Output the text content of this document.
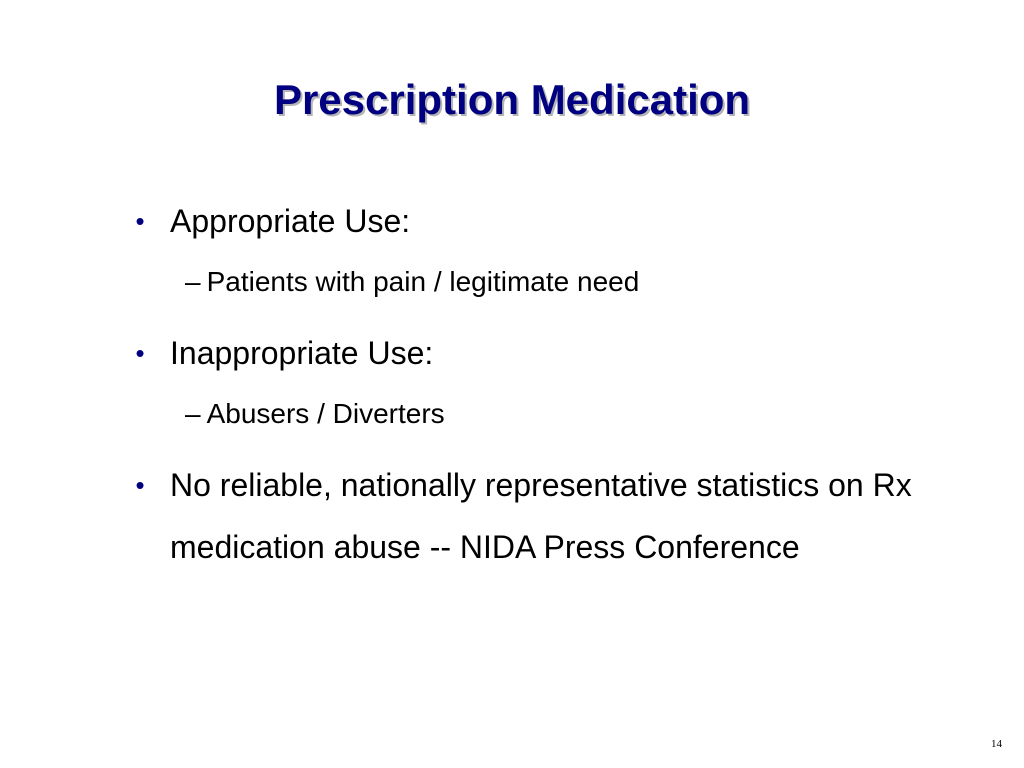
Prescription Medication
• Appropriate Use:
– Patients with pain / legitimate need
• Inappropriate Use:
– Abusers / Diverters
• No reliable, nationally representative statistics on Rx medication abuse -- NIDA Press Conference
14
